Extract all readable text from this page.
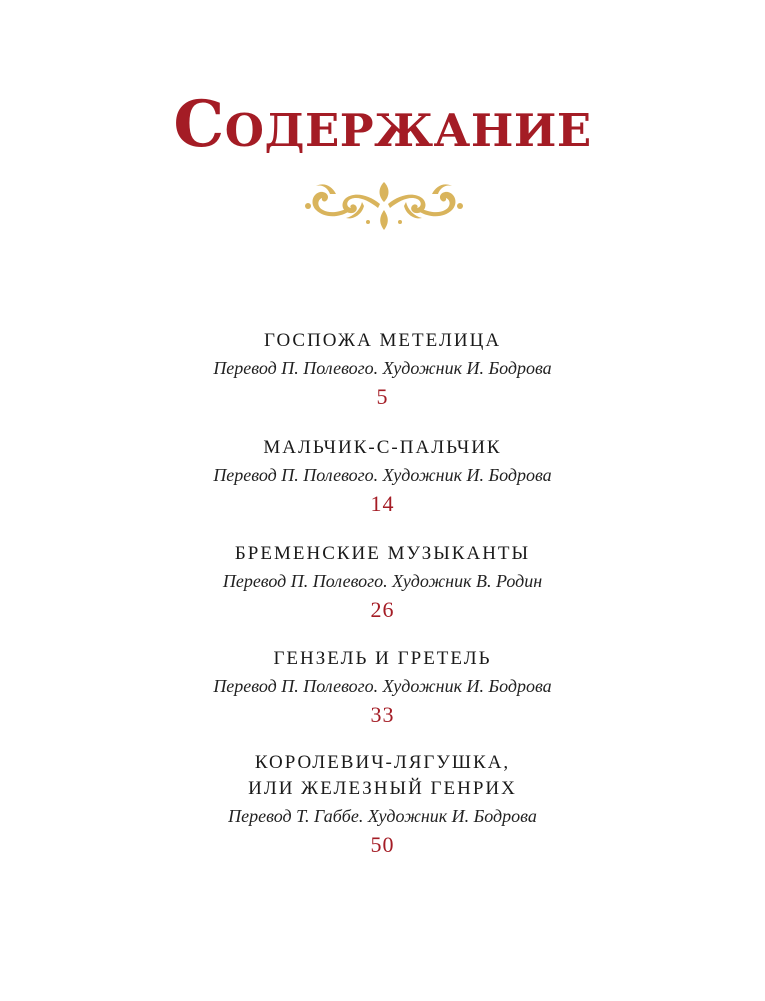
Содержание
ГОСПОЖА МЕТЕЛИЦА
Перевод П. Полевого. Художник И. Бодрова
5
МАЛЬЧИК-С-ПАЛЬЧИК
Перевод П. Полевого. Художник И. Бодрова
14
БРЕМЕНСКИЕ МУЗЫКАНТЫ
Перевод П. Полевого. Художник В. Родин
26
ГЕНЗЕЛЬ И ГРЕТЕЛЬ
Перевод П. Полевого. Художник И. Бодрова
33
КОРОЛЕВИЧ-ЛЯГУШКА,
ИЛИ ЖЕЛЕЗНЫЙ ГЕНРИХ
Перевод Т. Габбе. Художник И. Бодрова
50
